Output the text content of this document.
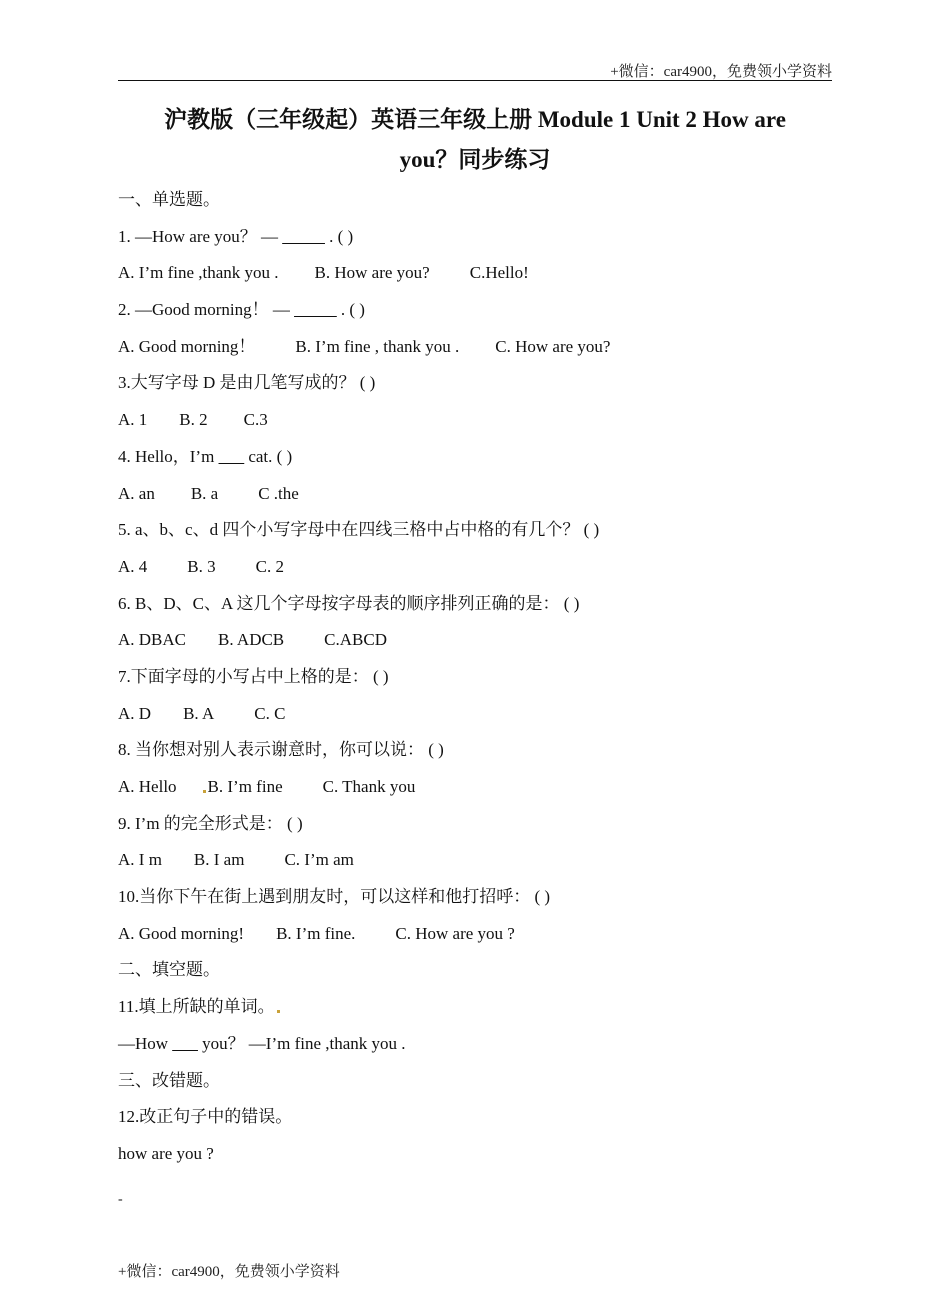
+微信：car4900，免费领小学资料
沪教版（三年级起）英语三年级上册 Module 1 Unit 2 How are
you？同步练习
一、单选题。
1. —How are you？ — _____ . ( )
A. I’m fine ,thank you . B. How are you? C.Hello!
2. —Good morning！ — _____ . ( )
A. Good morning！ B. I’m fine , thank you . C. How are you?
3.大写字母 D 是由几笔写成的？ ( )
A. 1 B. 2 C.3
4. Hello，I’m ___ cat. ( )
A. an B. a C .the
5. a、b、c、d 四个小写字母中在四线三格中占中格的有几个？ ( )
A. 4 B. 3 C. 2
6. B、D、C、A 这几个字母按字母表的顺序排列正确的是： ( )
A. DBAC B. ADCB C.ABCD
7.下面字母的小写占中上格的是： ( )
A. D B. A C. C
8. 当你想对别人表示谢意时，你可以说： ( )
A. Hello B. I’m fine C. Thank you
9. I’m 的完全形式是： ( )
A. I m B. I am C. I’m am
10.当你下午在街上遇到朋友时，可以这样和他打招呼： ( )
A. Good morning! B. I’m fine. C. How are you ?
二、填空题。
11.填上所缺的单词。
—How ___ you？ —I’m fine ,thank you .
三、改错题。
12.改正句子中的错误。
how are you ?
-
+微信：car4900，免费领小学资料
